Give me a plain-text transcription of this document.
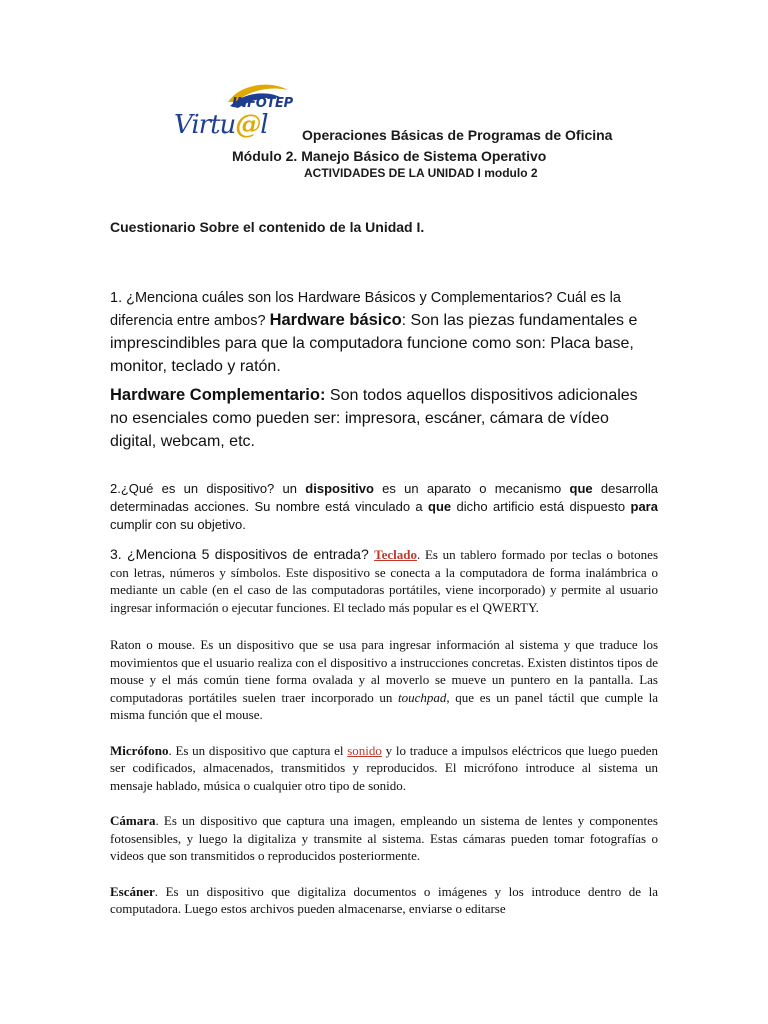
INFOTEP
Virtu@l Operaciones Básicas de Programas de Oficina
Módulo 2. Manejo Básico de Sistema Operativo
ACTIVIDADES DE LA UNIDAD I modulo 2
Cuestionario Sobre el contenido de la Unidad I.
1. ¿Menciona cuáles son los Hardware Básicos y Complementarios? Cuál es la diferencia entre ambos? Hardware básico: Son las piezas fundamentales e imprescindibles para que la computadora funcione como son: Placa base, monitor, teclado y ratón.
Hardware Complementario: Son todos aquellos dispositivos adicionales no esenciales como pueden ser: impresora, escáner, cámara de vídeo digital, webcam, etc.
2.¿Qué es un dispositivo? un dispositivo es un aparato o mecanismo que desarrolla determinadas acciones. Su nombre está vinculado a que dicho artificio está dispuesto para cumplir con su objetivo.

3. ¿Menciona 5 dispositivos de entrada? Teclado. Es un tablero formado por teclas o botones con letras, números y símbolos. Este dispositivo se conecta a la computadora de forma inalámbrica o mediante un cable (en el caso de las computadoras portátiles, viene incorporado) y permite al usuario ingresar información o ejecutar funciones. El teclado más popular es el QWERTY.

Raton o mouse. Es un dispositivo que se usa para ingresar información al sistema y que traduce los movimientos que el usuario realiza con el dispositivo a instrucciones concretas. Existen distintos tipos de mouse y el más común tiene forma ovalada y al moverlo se mueve un puntero en la pantalla. Las computadoras portátiles suelen traer incorporado un touchpad, que es un panel táctil que cumple la misma función que el mouse.

Micrófono. Es un dispositivo que captura el sonido y lo traduce a impulsos eléctricos que luego pueden ser codificados, almacenados, transmitidos y reproducidos. El micrófono introduce al sistema un mensaje hablado, música o cualquier otro tipo de sonido.

Cámara. Es un dispositivo que captura una imagen, empleando un sistema de lentes y componentes fotosensibles, y luego la digitaliza y transmite al sistema. Estas cámaras pueden tomar fotografías o videos que son transmitidos o reproducidos posteriormente.

Escáner. Es un dispositivo que digitaliza documentos o imágenes y los introduce dentro de la computadora. Luego estos archivos pueden almacenarse, enviarse o editarse
